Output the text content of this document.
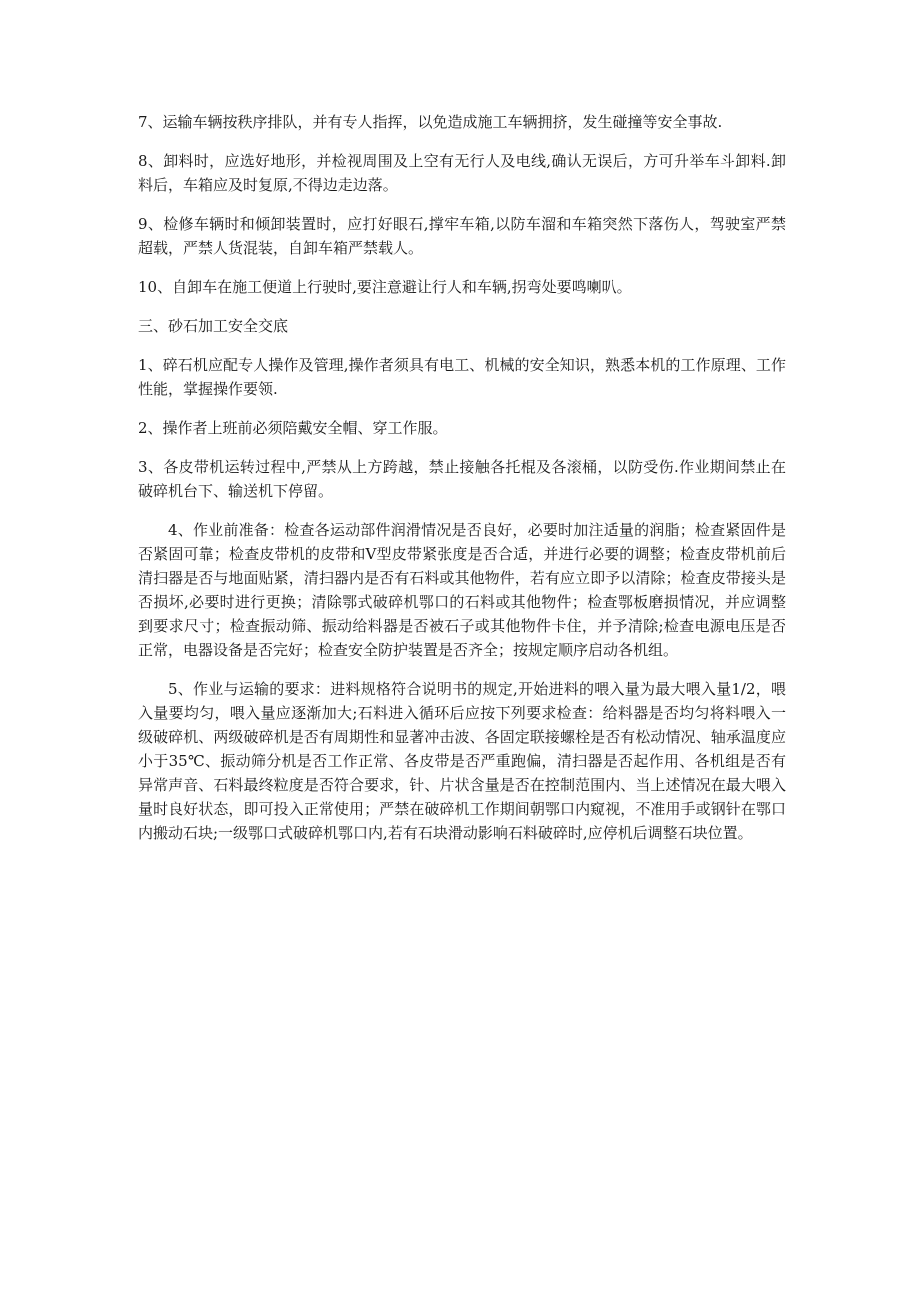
7、运输车辆按秩序排队，并有专人指挥，以免造成施工车辆拥挤，发生碰撞等安全事故.

8、卸料时，应选好地形，并检视周围及上空有无行人及电线,确认无误后，方可升举车斗卸料.卸料后，车箱应及时复原,不得边走边落。

9、检修车辆时和倾卸装置时，应打好眼石,撑牢车箱,以防车溜和车箱突然下落伤人，驾驶室严禁超载，严禁人货混装，自卸车箱严禁载人。

10、自卸车在施工便道上行驶时,要注意避让行人和车辆,拐弯处要鸣喇叭。

三、砂石加工安全交底

1、碎石机应配专人操作及管理,操作者须具有电工、机械的安全知识，熟悉本机的工作原理、工作性能，掌握操作要领.

2、操作者上班前必须陪戴安全帽、穿工作服。

3、各皮带机运转过程中,严禁从上方跨越，禁止接触各托棍及各滚桶，以防受伤.作业期间禁止在破碎机台下、输送机下停留。

4、作业前准备：检查各运动部件润滑情况是否良好，必要时加注适量的润脂；检查紧固件是否紧固可靠；检查皮带机的皮带和V型皮带紧张度是否合适，并进行必要的调整；检查皮带机前后清扫器是否与地面贴紧，清扫器内是否有石料或其他物件，若有应立即予以清除；检查皮带接头是否损坏,必要时进行更换；清除鄂式破碎机鄂口的石料或其他物件；检查鄂板磨损情况，并应调整到要求尺寸；检查振动筛、振动给料器是否被石子或其他物件卡住，并予清除;检查电源电压是否正常，电器设备是否完好；检查安全防护装置是否齐全；按规定顺序启动各机组。

5、作业与运输的要求：进料规格符合说明书的规定,开始进料的喂入量为最大喂入量1/2，喂入量要均匀，喂入量应逐渐加大;石料进入循环后应按下列要求检查：给料器是否均匀将料喂入一级破碎机、两级破碎机是否有周期性和显著冲击波、各固定联接螺栓是否有松动情况、轴承温度应小于35℃、振动筛分机是否工作正常、各皮带是否严重跑偏，清扫器是否起作用、各机组是否有异常声音、石料最终粒度是否符合要求，针、片状含量是否在控制范围内、当上述情况在最大喂入量时良好状态，即可投入正常使用；严禁在破碎机工作期间朝鄂口内窥视，不准用手或钢针在鄂口内搬动石块;一级鄂口式破碎机鄂口内,若有石块滑动影响石料破碎时,应停机后调整石块位置。
